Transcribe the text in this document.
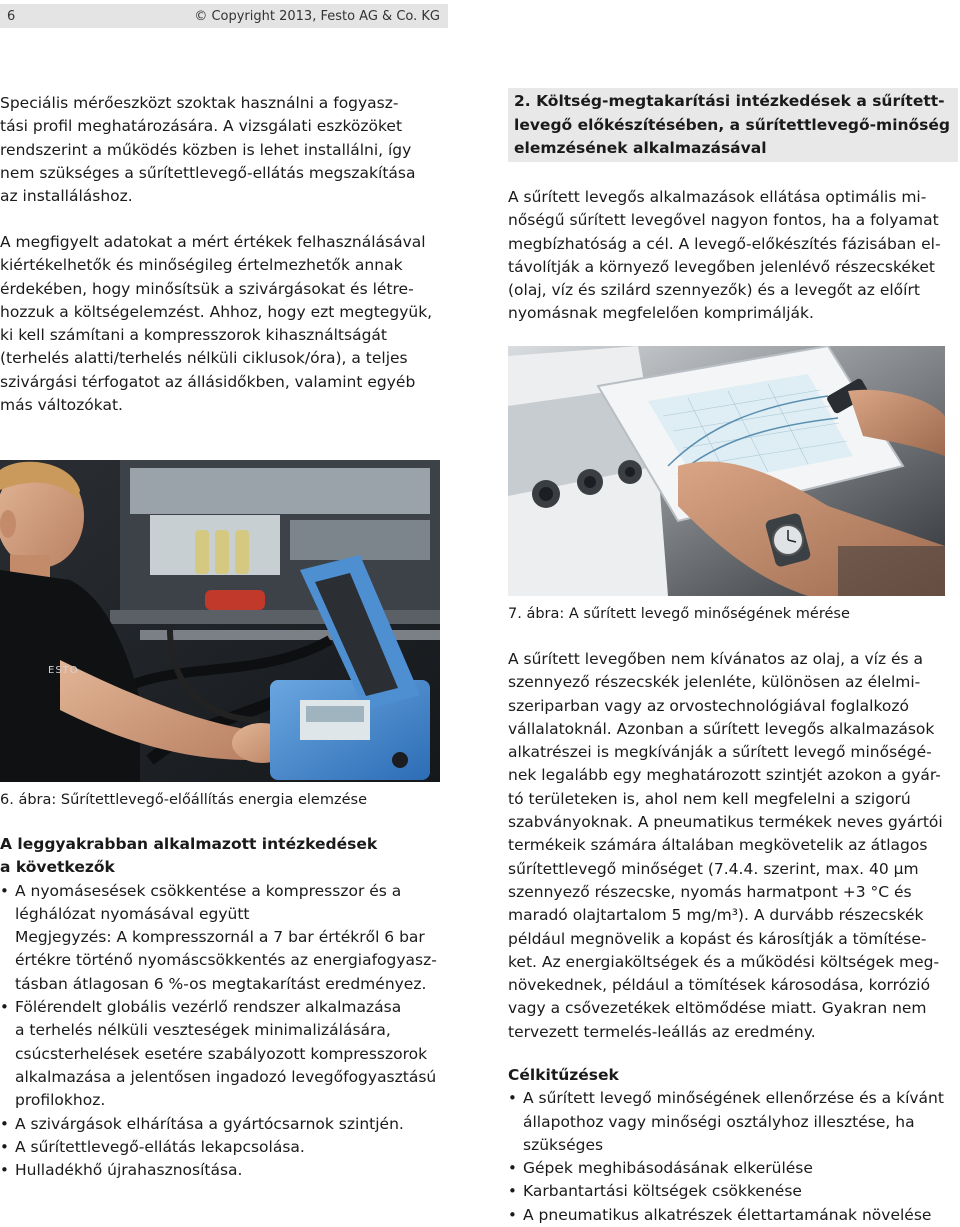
6	© Copyright 2013, Festo AG & Co. KG

Speciális mérőeszközt szoktak használni a fogyasz-
tási profil meghatározására. A vizsgálati eszközöket
rendszerint a működés közben is lehet installálni, így
nem szükséges a sűrítettlevegő-ellátás megszakítása
az installáláshoz.

A megfigyelt adatokat a mért értékek felhasználásával
kiértékelhetők és minőségileg értelmezhetők annak
érdekében, hogy minősítsük a szivárgásokat és létre-
hozzuk a költségelemzést. Ahhoz, hogy ezt megtegyük,
ki kell számítani a kompresszorok kihasználtságát
(terhelés alatti/terhelés nélküli ciklusok/óra), a teljes
szivárgási térfogatot az állásidőkben, valamint egyéb
más változókat.

ESTO
6. ábra: Sűrítettlevegő-előállítás energia elemzése
A leggyakrabban alkalmazott intézkedések
a következők
• A nyomásesések csökkentése a kompresszor és a
léghálózat nyomásával együtt
Megjegyzés: A kompresszornál a 7 bar értékről 6 bar
értékre történő nyomáscsökkentés az energiafogyasz-
tásban átlagosan 6 %-os megtakarítást eredményez.
• Fölérendelt globális vezérlő rendszer alkalmazása
a terhelés nélküli veszteségek minimalizálására,
csúcsterhelések esetére szabályozott kompresszorok
alkalmazása a jelentősen ingadozó levegőfogyasztású
profilokhoz.
• A szivárgások elhárítása a gyártócsarnok szintjén.
• A sűrítettlevegő-ellátás lekapcsolása.
• Hulladékhő újrahasznosítása.
2. Költség-megtakarítási intézkedések a sűrített-
levegő előkészítésében, a sűrítettlevegő-minőség
elemzésének alkalmazásával

A sűrített levegős alkalmazások ellátása optimális mi-
nőségű sűrített levegővel nagyon fontos, ha a folyamat
megbízhatóság a cél. A levegő-előkészítés fázisában el-
távolítják a környező levegőben jelenlévő részecskéket
(olaj, víz és szilárd szennyezők) és a levegőt az előírt
nyomásnak megfelelően komprimálják.

7. ábra: A sűrített levegő minőségének mérése

A sűrített levegőben nem kívánatos az olaj, a víz és a
szennyező részecskék jelenléte, különösen az élelmi-
szeriparban vagy az orvostechnológiával foglalkozó
vállalatoknál. Azonban a sűrített levegős alkalmazások
alkatrészei is megkívánják a sűrített levegő minőségé-
nek legalább egy meghatározott szintjét azokon a gyár-
tó területeken is, ahol nem kell megfelelni a szigorú
szabványoknak. A pneumatikus termékek neves gyártói
termékeik számára általában megkövetelik az átlagos
sűrítettlevegő minőséget (7.4.4. szerint, max. 40 µm
szennyező részecske, nyomás harmatpont +3 °C és
maradó olajtartalom 5 mg/m³). A durvább részecskék
például megnövelik a kopást és károsítják a tömítése-
ket. Az energiaköltségek és a működési költségek meg-
növekednek, például a tömítések károsodása, korrózió
vagy a csővezetékek eltömődése miatt. Gyakran nem
tervezett termelés-leállás az eredmény.

Célkitűzések
• A sűrített levegő minőségének ellenőrzése és a kívánt
állapothoz vagy minőségi osztályhoz illesztése, ha
szükséges
• Gépek meghibásodásának elkerülése
• Karbantartási költségek csökkenése
• A pneumatikus alkatrészek élettartamának növelése
